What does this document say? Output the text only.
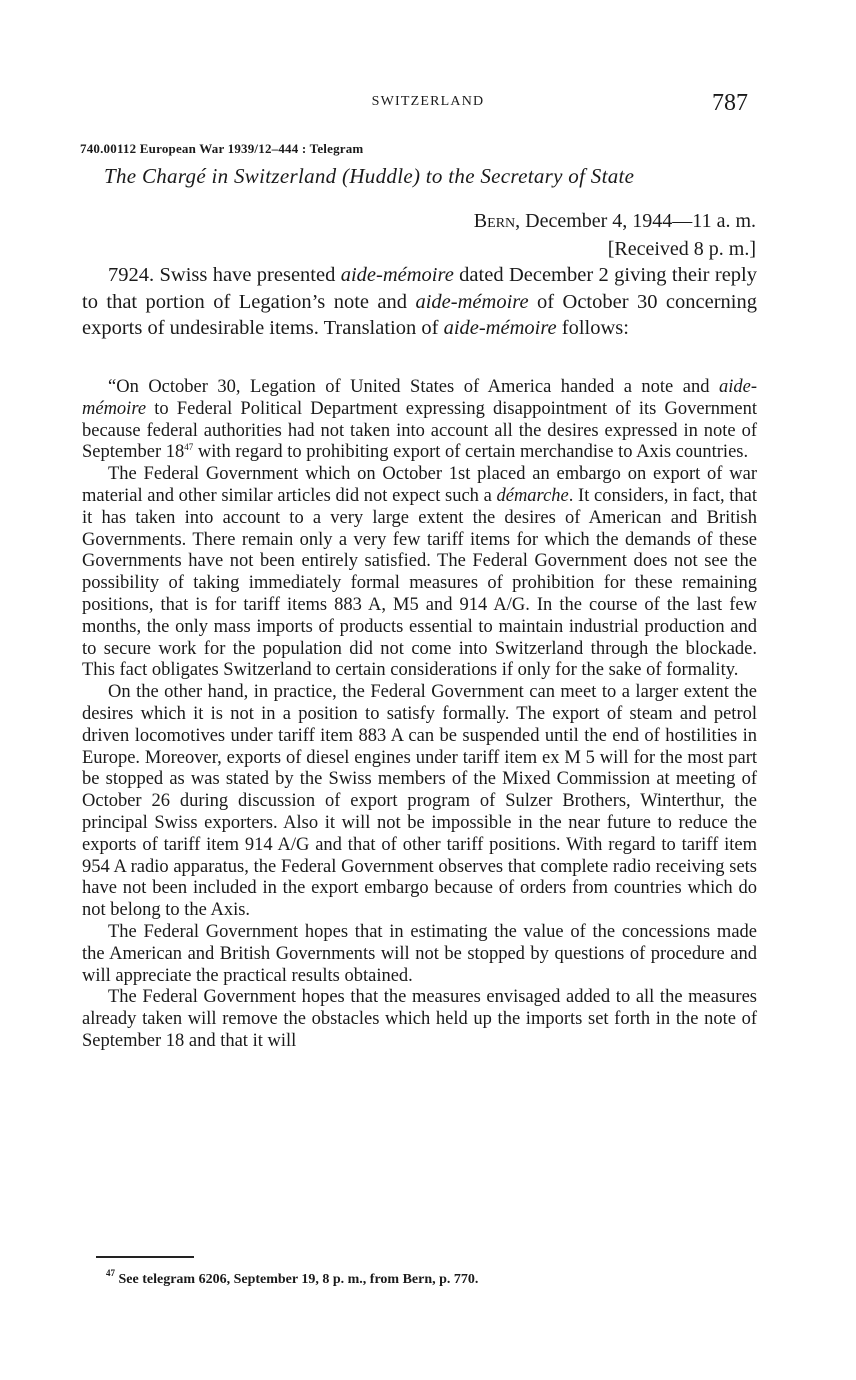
SWITZERLAND	787
740.00112 European War 1939/12–444 : Telegram
The Chargé in Switzerland (Huddle) to the Secretary of State
Bern, December 4, 1944—11 a. m.
[Received 8 p. m.]

7924. Swiss have presented aide-mémoire dated December 2 giving their reply to that portion of Legation’s note and aide-mémoire of October 30 concerning exports of undesirable items. Translation of aide-mémoire follows:

“On October 30, Legation of United States of America handed a note and aide-mémoire to Federal Political Department expressing disappointment of its Government because federal authorities had not taken into account all the desires expressed in note of September $18^{47}$ with regard to prohibiting export of certain merchandise to Axis countries.

The Federal Government which on October 1st placed an embargo on export of war material and other similar articles did not expect such a démarche. It considers, in fact, that it has taken into account to a very large extent the desires of American and British Governments. There remain only a very few tariff items for which the demands of these Governments have not been entirely satisfied. The Federal Government does not see the possibility of taking immediately formal measures of prohibition for these remaining positions, that is for tariff items 883 A, M5 and 914 A/G. In the course of the last few months, the only mass imports of products essential to maintain industrial production and to secure work for the population did not come into Switzerland through the blockade. This fact obligates Switzerland to certain considerations if only for the sake of formality.

On the other hand, in practice, the Federal Government can meet to a larger extent the desires which it is not in a position to satisfy formally. The export of steam and petrol driven locomotives under tariff item 883 A can be suspended until the end of hostilities in Europe. Moreover, exports of diesel engines under tariff item ex M 5 will for the most part be stopped as was stated by the Swiss members of the Mixed Commission at meeting of October 26 during discussion of export program of Sulzer Brothers, Winterthur, the principal Swiss exporters. Also it will not be impossible in the near future to reduce the exports of tariff item 914 A/G and that of other tariff positions. With regard to tariff item 954 A radio apparatus, the Federal Government observes that complete radio receiving sets have not been included in the export embargo because of orders from countries which do not belong to the Axis.

The Federal Government hopes that in estimating the value of the concessions made the American and British Governments will not be stopped by questions of procedure and will appreciate the practical results obtained.

The Federal Government hopes that the measures envisaged added to all the measures already taken will remove the obstacles which held up the imports set forth in the note of September 18 and that it will

$^{47}$ See telegram 6206, September 19, 8 p. m., from Bern, p. 770.
